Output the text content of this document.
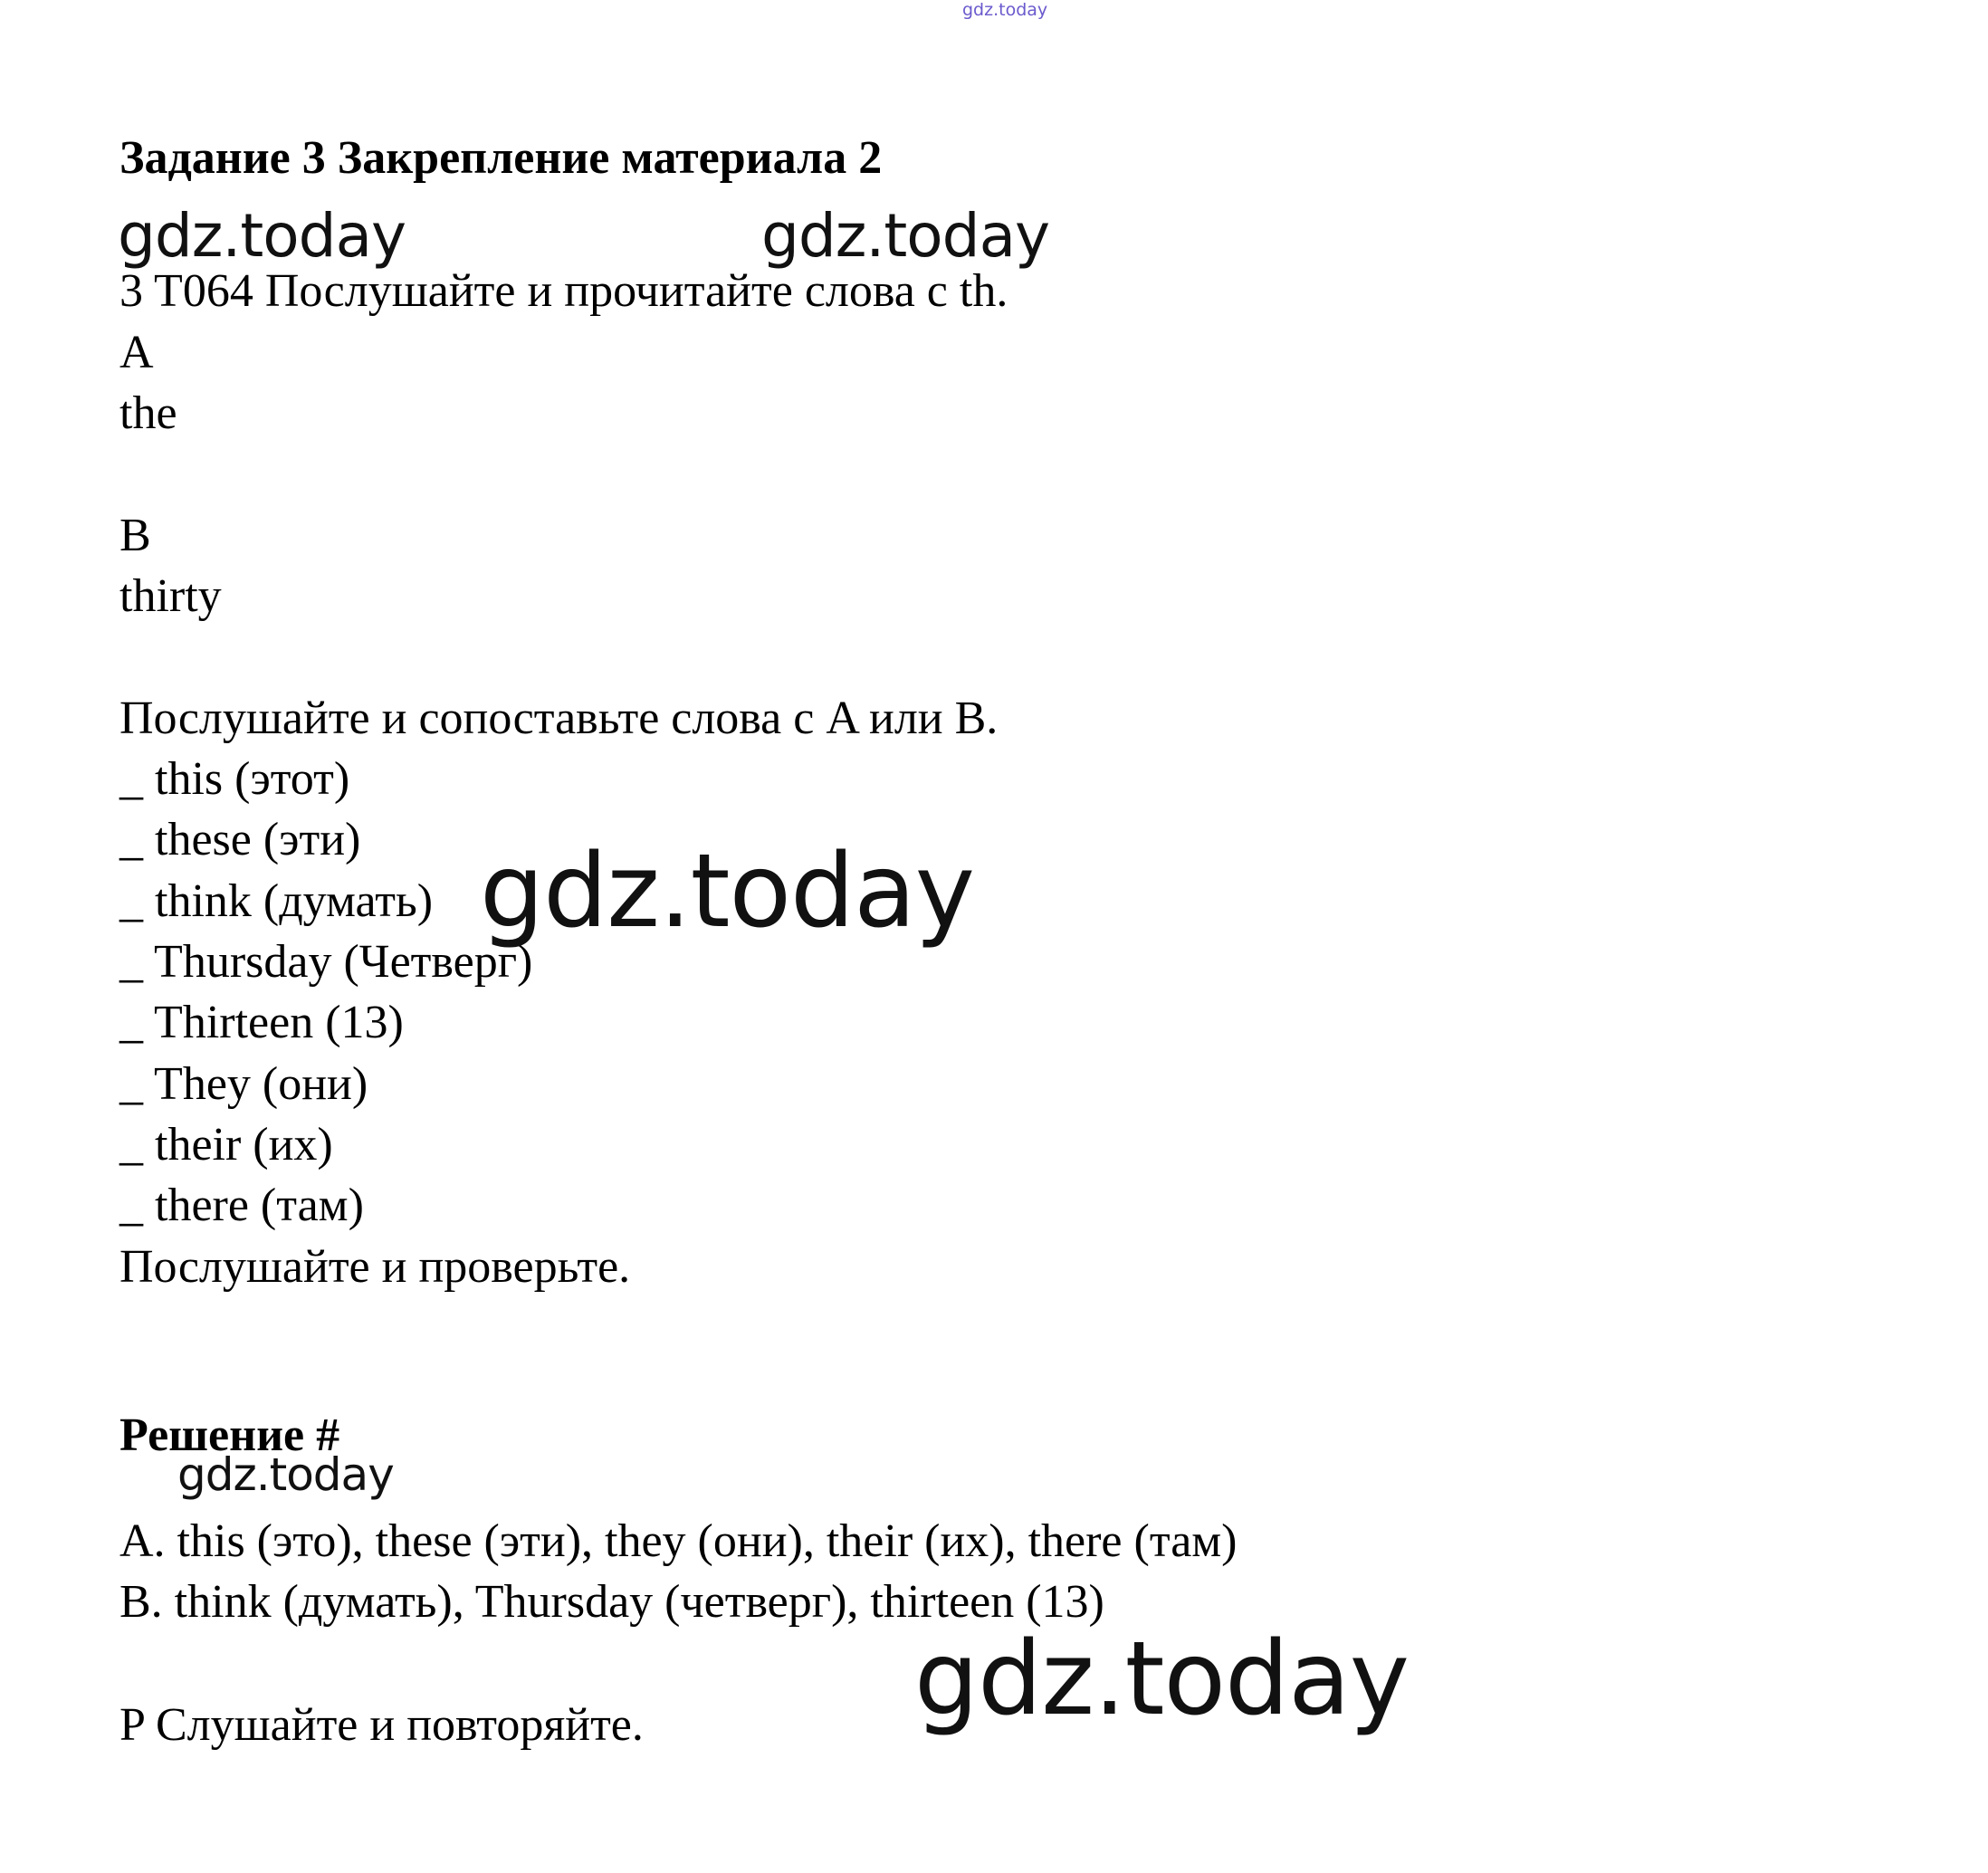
gdz.today
Задание 3 Закрепление материала 2
gdz.today	gdz.today
3 T064 Послушайте и прочитайте слова с th.
A
the
B
thirty
Послушайте и сопоставьте слова с A или B.
_ this (этот)
_ these (эти)
_ think (думать)
_ Thursday (Четверг)
_ Thirteen (13)
_ They (они)
_ their (их)
_ there (там)
gdz.today
Послушайте и проверьте.
Решение #
gdz.today
A. this (это), these (эти), they (они), their (их), there (там)
B. think (думать), Thursday (четверг), thirteen (13)
gdz.today
P Слушайте и повторяйте.
